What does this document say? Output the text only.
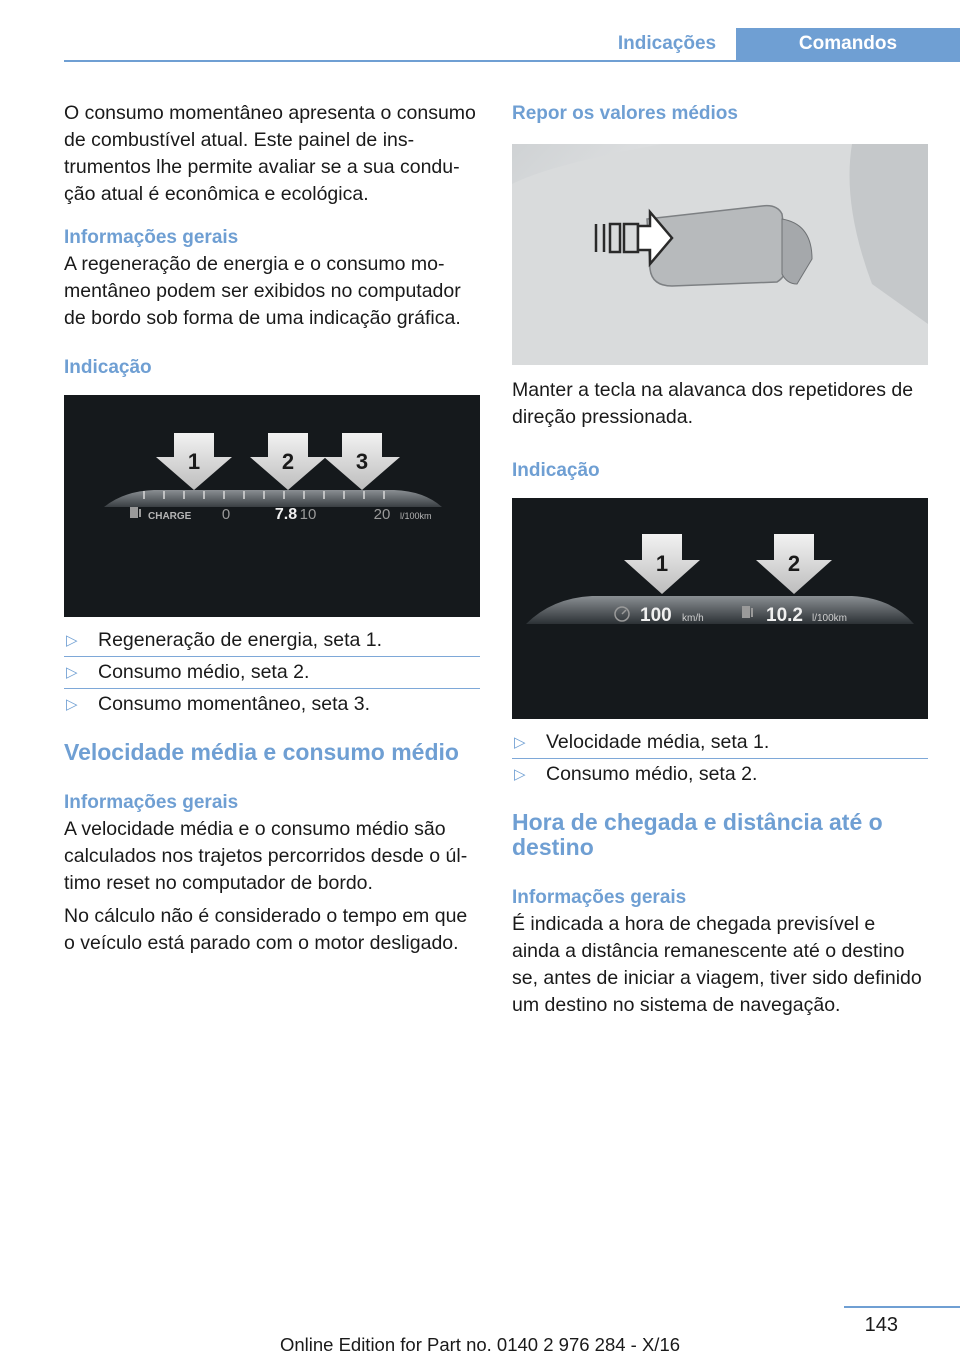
Indicações	Comandos

O consumo momentâneo apresenta o consumo de combustível atual. Este painel de instrumentos lhe permite avaliar se a sua condução atual é econômica e ecológica.

Informações gerais

A regeneração de energia e o consumo momentâneo podem ser exibidos no computador de bordo sob forma de uma indicação gráfica.

Indicação

1	2	3
CHARGE 0	7.8 10	20 l/100km
▷ Regeneração de energia, seta 1.
▷ Consumo médio, seta 2.
▷ Consumo momentâneo, seta 3.

Velocidade média e consumo médio

Informações gerais

A velocidade média e o consumo médio são calculados nos trajetos percorridos desde o último reset no computador de bordo.

No cálculo não é considerado o tempo em que o veículo está parado com o motor desligado.

Repor os valores médios

Manter a tecla na alavanca dos repetidores de direção pressionada.

Indicação

1	2
100 km/h	10.2 l/100km
▷ Velocidade média, seta 1.
▷ Consumo médio, seta 2.

Hora de chegada e distância até o destino

Informações gerais

É indicada a hora de chegada previsível e ainda a distância remanescente até o destino se, antes de iniciar a viagem, tiver sido definido um destino no sistema de navegação.

143
Online Edition for Part no. 0140 2 976 284 - X/16
